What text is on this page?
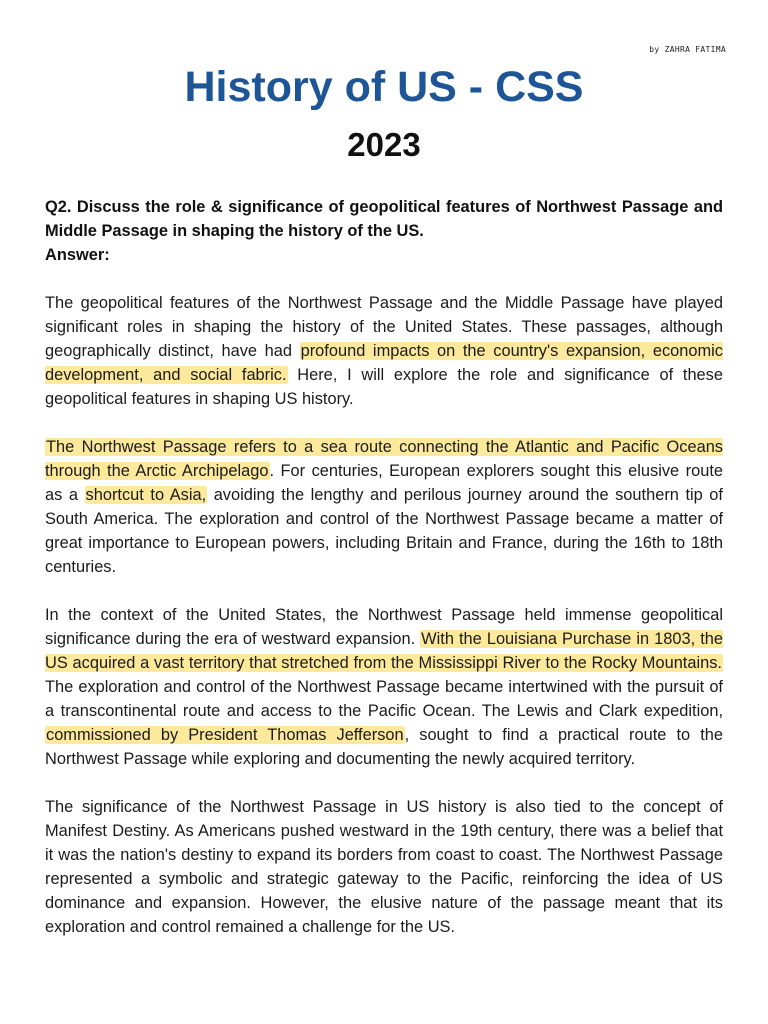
by ZAHRA FATIMA
History of US - CSS
2023

Q2. Discuss the role & significance of geopolitical features of Northwest Passage and Middle Passage in shaping the history of the US.

Answer:

The geopolitical features of the Northwest Passage and the Middle Passage have played significant roles in shaping the history of the United States. These passages, although geographically distinct, have had profound impacts on the country's expansion, economic development, and social fabric. Here, I will explore the role and significance of these geopolitical features in shaping US history.

The Northwest Passage refers to a sea route connecting the Atlantic and Pacific Oceans through the Arctic Archipelago. For centuries, European explorers sought this elusive route as a shortcut to Asia, avoiding the lengthy and perilous journey around the southern tip of South America. The exploration and control of the Northwest Passage became a matter of great importance to European powers, including Britain and France, during the 16th to 18th centuries.

In the context of the United States, the Northwest Passage held immense geopolitical significance during the era of westward expansion. With the Louisiana Purchase in 1803, the US acquired a vast territory that stretched from the Mississippi River to the Rocky Mountains. The exploration and control of the Northwest Passage became intertwined with the pursuit of a transcontinental route and access to the Pacific Ocean. The Lewis and Clark expedition, commissioned by President Thomas Jefferson, sought to find a practical route to the Northwest Passage while exploring and documenting the newly acquired territory.

The significance of the Northwest Passage in US history is also tied to the concept of Manifest Destiny. As Americans pushed westward in the 19th century, there was a belief that it was the nation's destiny to expand its borders from coast to coast. The Northwest Passage represented a symbolic and strategic gateway to the Pacific, reinforcing the idea of US dominance and expansion. However, the elusive nature of the passage meant that its exploration and control remained a challenge for the US.
